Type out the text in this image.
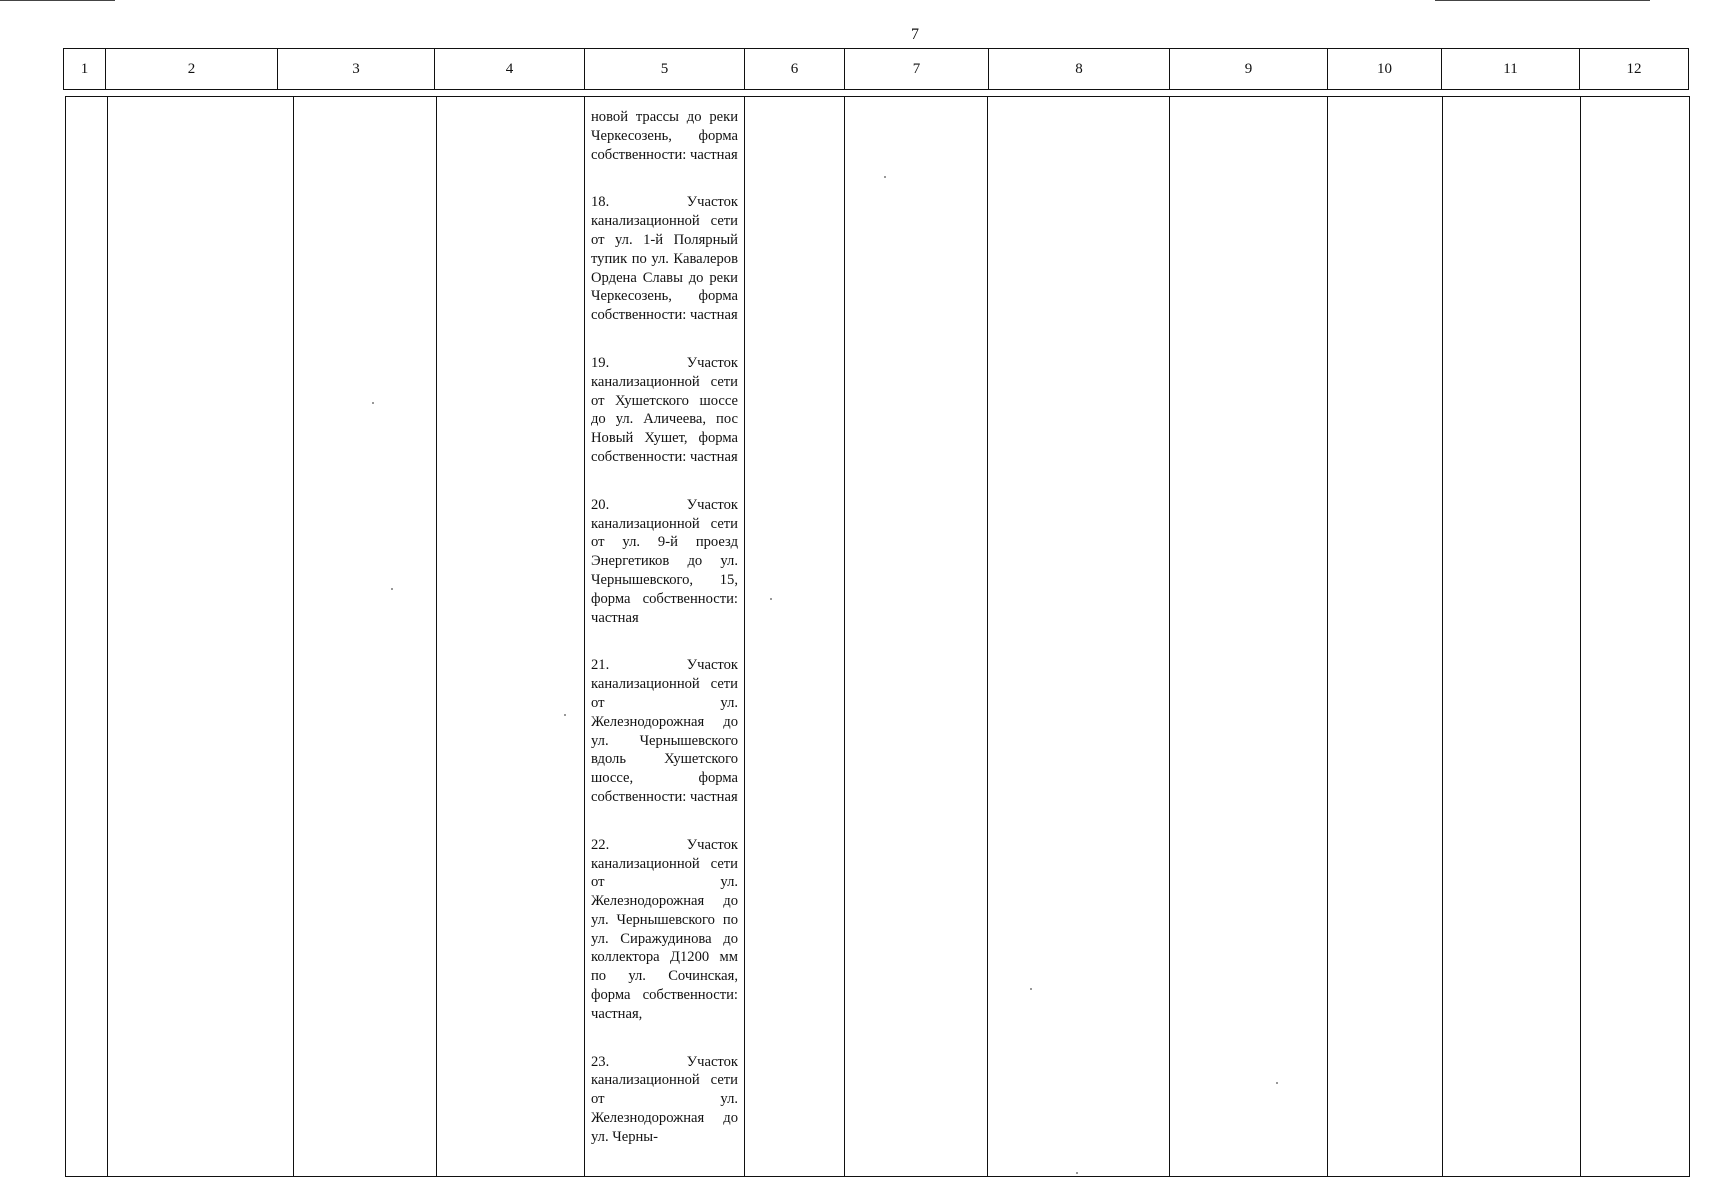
7
1	2	3	4	5	6	7	8	9	10	11	12

новой трассы до реки Черкесозень, форма собственности: частная
18. Участок канализационной сети от ул. 1-й Полярный тупик по ул. Кавалеров Ордена Славы до реки Черкесозень, форма собственности: частная
19. Участок канализационной сети от Хушетского шоссе до ул. Аличеева, пос Новый Хушет, форма собственности: частная
20. Участок канализационной сети от ул. 9-й проезд Энергетиков до ул. Чернышевского, 15, форма собственности: частная
21. Участок канализационной сети от ул. Железнодорожная до ул. Чернышевского вдоль Хушетского шоссе, форма собственности: частная
22. Участок канализационной сети от ул. Железнодорожная до ул. Чернышевского по ул. Сиражудинова до коллектора Д1200 мм по ул. Сочинская, форма собственности: частная,
23. Участок канализационной сети от ул. Железнодорожная до ул. Черны-
